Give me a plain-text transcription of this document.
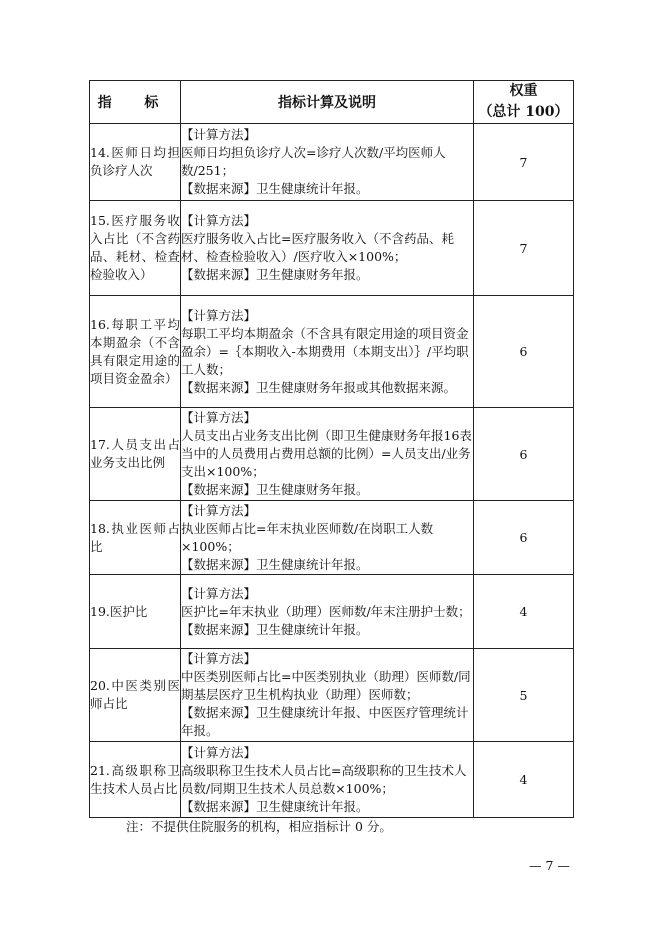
指 标	指标计算及说明	权重
（总计 100）

14.医师日均担负诊疗人次	【计算方法】
医师日均担负诊疗人次=诊疗人次数/平均医师人数/251；
【数据来源】卫生健康统计年报。	7
15.医疗服务收入占比（不含药品、耗材、检查检验收入）	【计算方法】
医疗服务收入占比=医疗服务收入（不含药品、耗材、检查检验收入）/医疗收入×100%；
【数据来源】卫生健康财务年报。	7
16.每职工平均本期盈余（不含具有限定用途的项目资金盈余）	【计算方法】
每职工平均本期盈余（不含具有限定用途的项目资金盈余）=｛本期收入-本期费用（本期支出）｝/平均职工人数；
【数据来源】卫生健康财务年报或其他数据来源。	6
17.人员支出占业务支出比例	【计算方法】
人员支出占业务支出比例（即卫生健康财务年报16表当中的人员费用占费用总额的比例）=人员支出/业务支出×100%；
【数据来源】卫生健康财务年报。	6
18.执业医师占比	【计算方法】
执业医师占比=年末执业医师数/在岗职工人数×100%；
【数据来源】卫生健康统计年报。	6
19.医护比	【计算方法】
医护比=年末执业（助理）医师数/年末注册护士数；
【数据来源】卫生健康统计年报。	4
20.中医类别医师占比	【计算方法】
中医类别医师占比=中医类别执业（助理）医师数/同期基层医疗卫生机构执业（助理）医师数；
【数据来源】卫生健康统计年报、中医医疗管理统计年报。	5
21.高级职称卫生技术人员占比	【计算方法】
高级职称卫生技术人员占比=高级职称的卫生技术人员数/同期卫生技术人员总数×100%；
【数据来源】卫生健康统计年报。	4
注：不提供住院服务的机构，相应指标计 0 分。
— 7 —
